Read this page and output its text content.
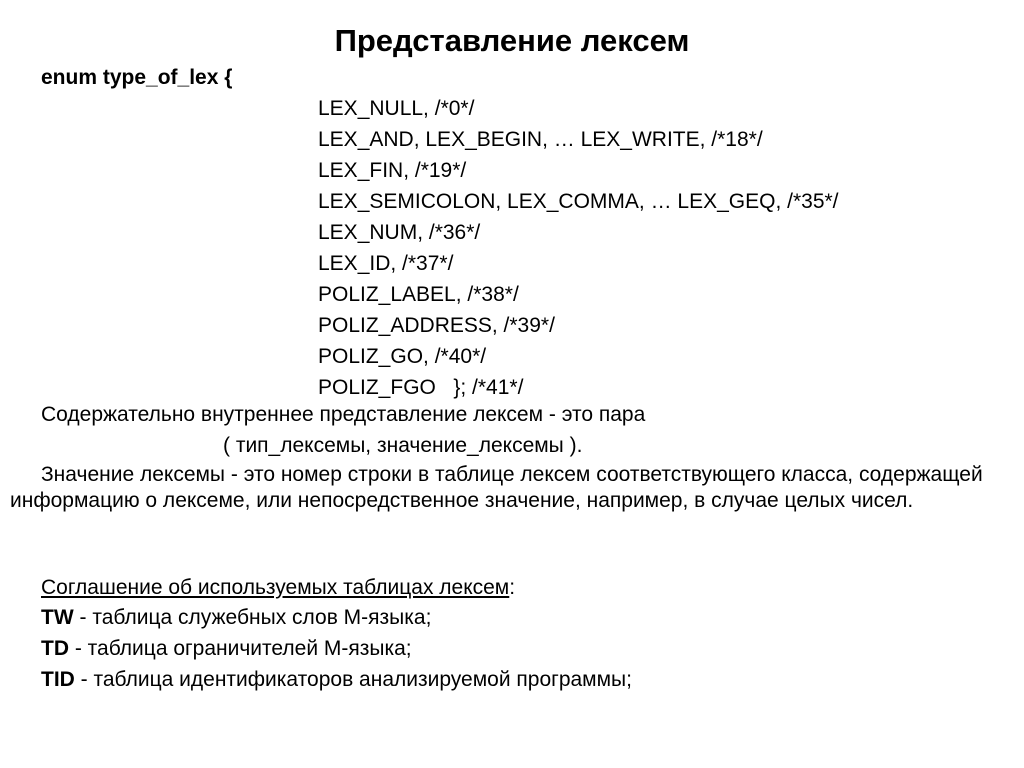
Представление лексем
enum type_of_lex {
LEX_NULL, /*0*/
LEX_AND, LEX_BEGIN, … LEX_WRITE, /*18*/
LEX_FIN, /*19*/
LEX_SEMICOLON, LEX_COMMA, … LEX_GEQ, /*35*/
LEX_NUM, /*36*/
LEX_ID, /*37*/
POLIZ_LABEL, /*38*/
POLIZ_ADDRESS, /*39*/
POLIZ_GO, /*40*/
POLIZ_FGO   }; /*41*/
Содержательно внутреннее представление лексем - это пара
( тип_лексемы, значение_лексемы ).

Значение лексемы - это номер строки в таблице лексем соответствующего класса, содержащей информацию о лексеме, или непосредственное значение, например, в случае целых чисел.

Соглашение об используемых таблицах лексем:
TW - таблица служебных слов М-языка;
TD - таблица ограничителей М-языка;
TID - таблица идентификаторов анализируемой программы;
